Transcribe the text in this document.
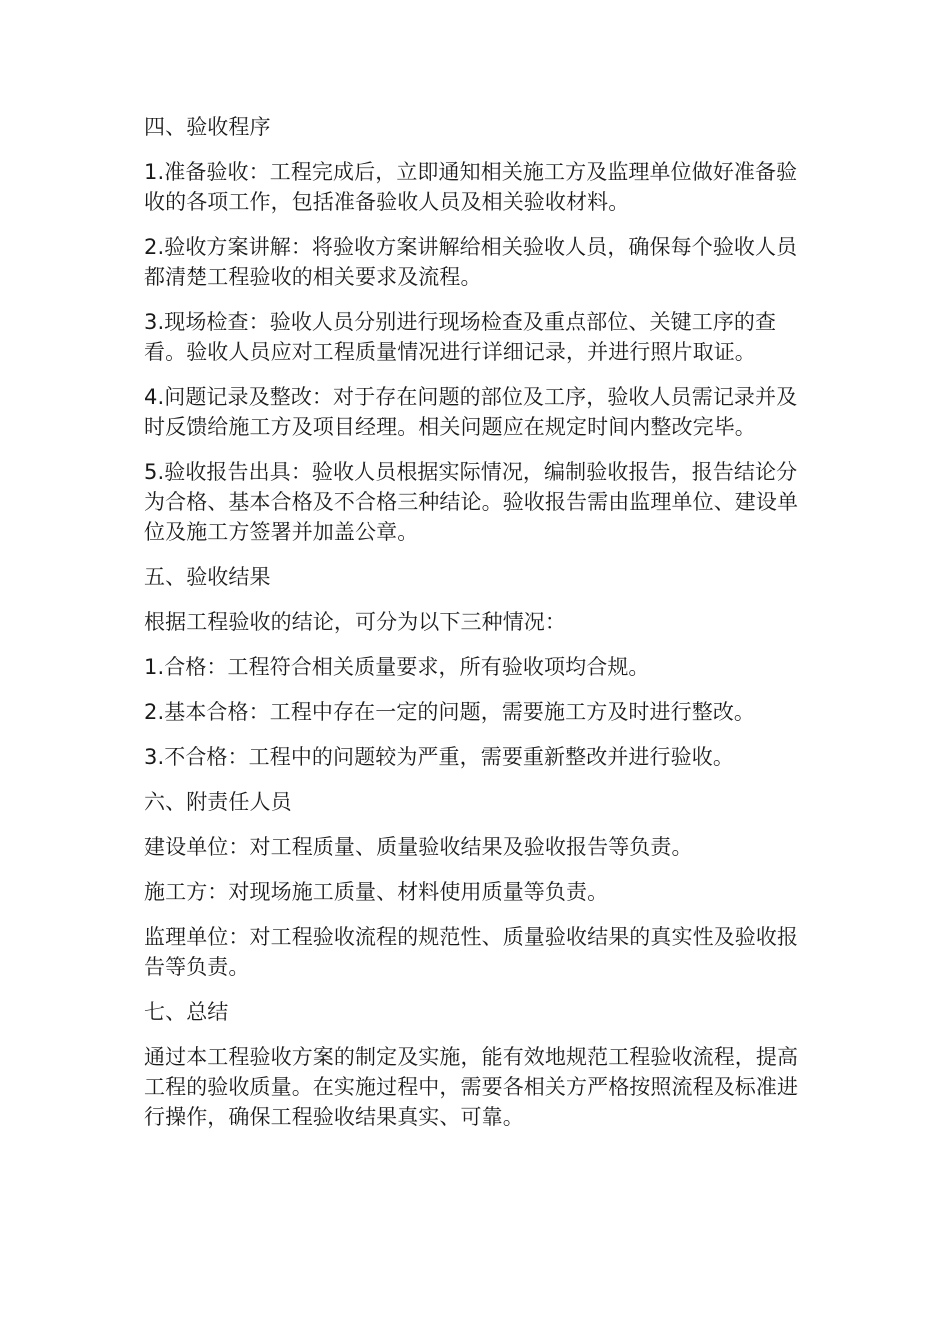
四、验收程序

1.准备验收：工程完成后，立即通知相关施工方及监理单位做好准备验收的各项工作，包括准备验收人员及相关验收材料。

2.验收方案讲解：将验收方案讲解给相关验收人员，确保每个验收人员都清楚工程验收的相关要求及流程。

3.现场检查：验收人员分别进行现场检查及重点部位、关键工序的查看。验收人员应对工程质量情况进行详细记录，并进行照片取证。

4.问题记录及整改：对于存在问题的部位及工序，验收人员需记录并及时反馈给施工方及项目经理。相关问题应在规定时间内整改完毕。

5.验收报告出具：验收人员根据实际情况，编制验收报告，报告结论分为合格、基本合格及不合格三种结论。验收报告需由监理单位、建设单位及施工方签署并加盖公章。

五、验收结果

根据工程验收的结论，可分为以下三种情况：

1.合格：工程符合相关质量要求，所有验收项均合规。

2.基本合格：工程中存在一定的问题，需要施工方及时进行整改。

3.不合格：工程中的问题较为严重，需要重新整改并进行验收。

六、附责任人员

建设单位：对工程质量、质量验收结果及验收报告等负责。

施工方：对现场施工质量、材料使用质量等负责。

监理单位：对工程验收流程的规范性、质量验收结果的真实性及验收报告等负责。

七、总结

通过本工程验收方案的制定及实施，能有效地规范工程验收流程，提高工程的验收质量。在实施过程中，需要各相关方严格按照流程及标准进行操作，确保工程验收结果真实、可靠。
